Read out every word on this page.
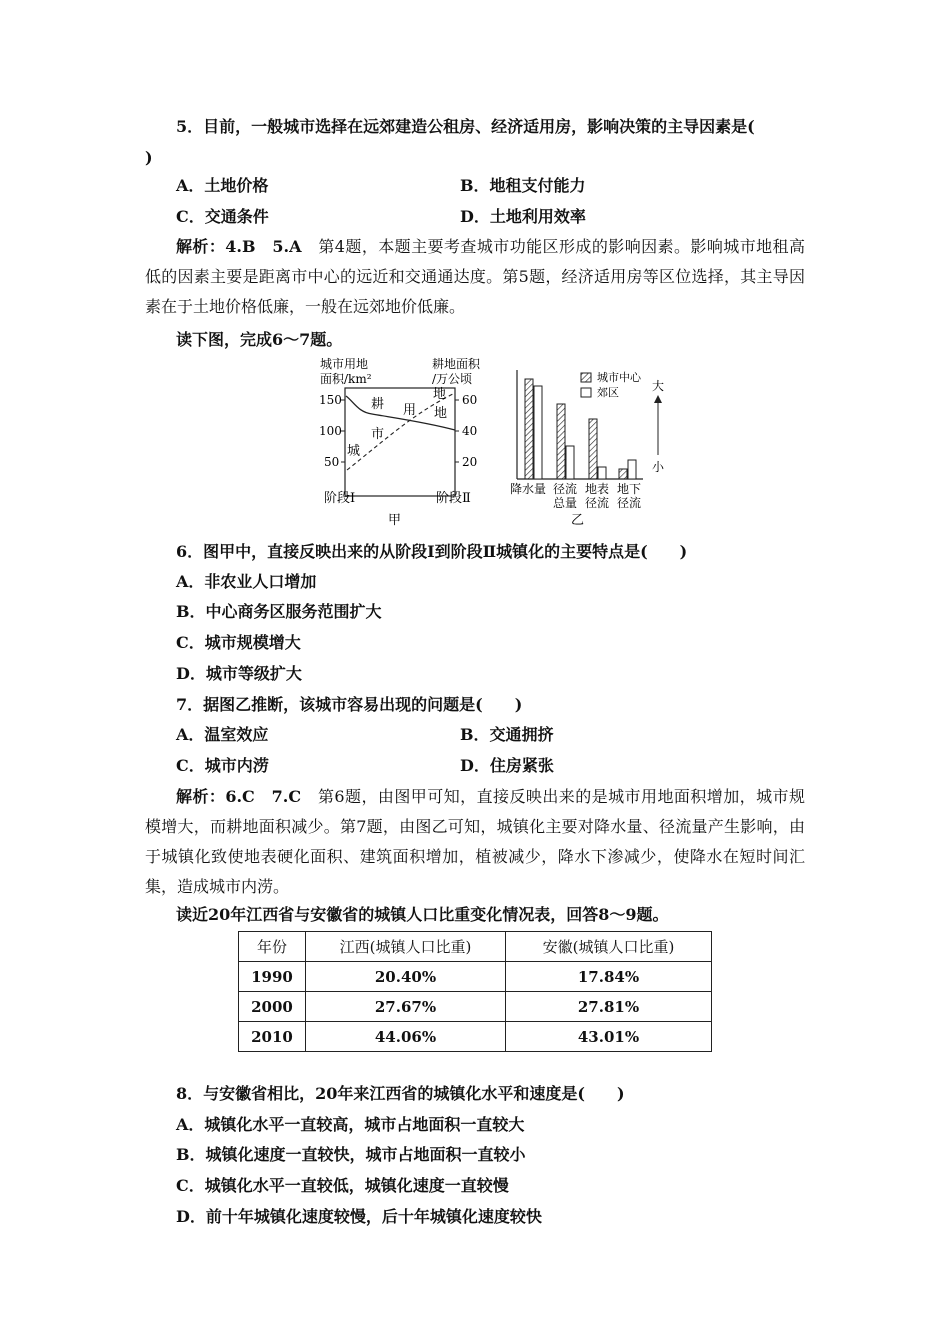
5．目前，一般城市选择在远郊建造公租房、经济适用房，影响决策的主导因素是(
)
A．土地价格	B．地租支付能力
C．交通条件	D．土地利用效率
解析：4.B　5.A　第4题，本题主要考查城市功能区形成的影响因素。影响城市地租高低的因素主要是距离市中心的远近和交通通达度。第5题，经济适用房等区位选择，其主导因素在于土地价格低廉，一般在远郊地价低廉。
读下图，完成6～7题。
城市用地
面积/km²
耕地面积
/万公顷
150
100
50
60
40
20
耕 用
地
市
地
城
阶段Ⅰ	阶段Ⅱ
甲
城市中心
郊区	大
小
降水量 径流
总量
地表
径流
地下
径流
乙
6．图甲中，直接反映出来的从阶段Ⅰ到阶段Ⅱ城镇化的主要特点是(　　)
A．非农业人口增加
B．中心商务区服务范围扩大
C．城市规模增大
D．城市等级扩大
7．据图乙推断，该城市容易出现的问题是(　　)
A．温室效应	B．交通拥挤
C．城市内涝	D．住房紧张
解析：6.C　7.C　第6题，由图甲可知，直接反映出来的是城市用地面积增加，城市规模增大，而耕地面积减少。第7题，由图乙可知，城镇化主要对降水量、径流量产生影响，由于城镇化致使地表硬化面积、建筑面积增加，植被减少，降水下渗减少，使降水在短时间汇集，造成城市内涝。
读近20年江西省与安徽省的城镇人口比重变化情况表，回答8～9题。
年份	江西(城镇人口比重)	安徽(城镇人口比重)
1990	20.40%	17.84%
2000	27.67%	27.81%
2010	44.06%	43.01%
8．与安徽省相比，20年来江西省的城镇化水平和速度是(　　)
A．城镇化水平一直较高，城市占地面积一直较大
B．城镇化速度一直较快，城市占地面积一直较小
C．城镇化水平一直较低，城镇化速度一直较慢
D．前十年城镇化速度较慢，后十年城镇化速度较快
